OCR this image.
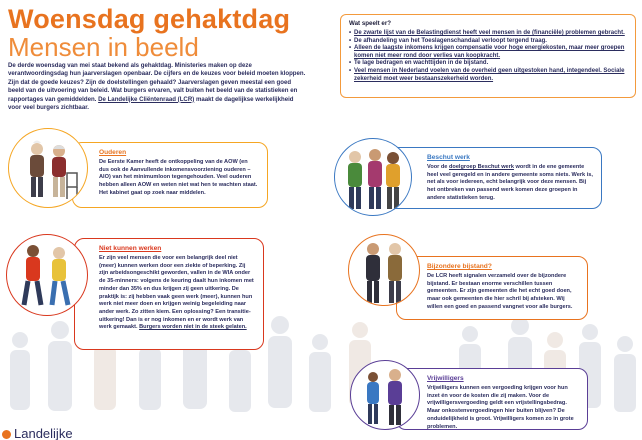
Woensdag gehaktdag
Mensen in beeld
De derde woensdag van mei staat bekend als gehaktdag. Ministeries maken op deze verantwoordingsdag hun jaarverslagen openbaar. De cijfers en de keuzes voor beleid moeten kloppen. Zijn dat de goede keuzes? Zijn de doelstellingen gehaald? Jaarverslagen geven meestal een goed beeld van de uitvoering van beleid. Wat burgers ervaren, valt buiten het beeld van de statistieken en rapportages van gemiddelden. De Landelijke Cliëntenraad (LCR) maakt de dagelijkse werkelijkheid voor veel burgers zichtbaar.
Wat speelt er?
• De zwarte lijst van de Belastingdienst heeft veel mensen in de (financiële) problemen gebracht.
• De afhandeling van het Toeslagenschandaal verloopt tergend traag.
• Alleen de laagste inkomens krijgen compensatie voor hoge energiekosten, maar meer groepen komen niet meer rond door verlies van koopkracht.
• Te lage bedragen en wachttijden in de bijstand.
• Veel mensen in Nederland voelen van de overheid geen uitgestoken hand, integendeel. Sociale zekerheid moet weer bestaanszekerheid worden.
Ouderen

De Eerste Kamer heeft de ontkoppeling van de AOW (en dus ook de Aanvullende inkomensvoorziening ouderen – AIO) van het minimumloon tegengehouden. Veel ouderen hebben alleen AOW en weten niet wat hen te wachten staat. Het kabinet gaat op zoek naar middelen.

Beschut werk

Voor de doelgroep Beschut werk wordt in de ene gemeente heel veel geregeld en in andere gemeente soms niets. Werk is, net als voor iedereen, echt belangrijk voor deze mensen. Bij het ontbreken van passend werk komen deze groepen in andere statistieken terug.

Niet kunnen werken

Er zijn veel mensen die voor een belangrijk deel niet (meer) kunnen werken door een ziekte of beperking. Zij zijn arbeidsongeschikt geworden, vallen in de WIA onder de 35-minners: volgens de keuring daalt hun inkomen met minder dan 35% en dus krijgen zij geen uitkering. De praktijk is: zij hebben vaak geen werk (meer), kunnen hun werk niet meer doen en krijgen weinig begeleiding naar ander werk. Zo zitten kiem. Een oplossing? Een transitie-uitkering! Dan is er nog inkomen en er wordt werk van werk gemaakt. Burgers worden niet in de steek gelaten.

Bijzondere bijstand?

De LCR heeft signalen verzameld over de bijzondere bijstand. Er bestaan enorme verschillen tussen gemeenten. Er zijn gemeenten die het echt goed doen, maar ook gemeenten die hier schril bij afsteken. Wij willen een goed en passend vangnet voor alle burgers.

Vrijwilligers

Vrijwilligers kunnen een vergoeding krijgen voor hun inzet én voor de kosten die zij maken. Voor de vrijwilligersvergoeding geldt een vrijstellingsbedrag. Maar onkostenvergoedingen hier buiten blijven? De onduidelijkheid is groot. Vrijwilligers komen zo in grote problemen.

Landelijke
